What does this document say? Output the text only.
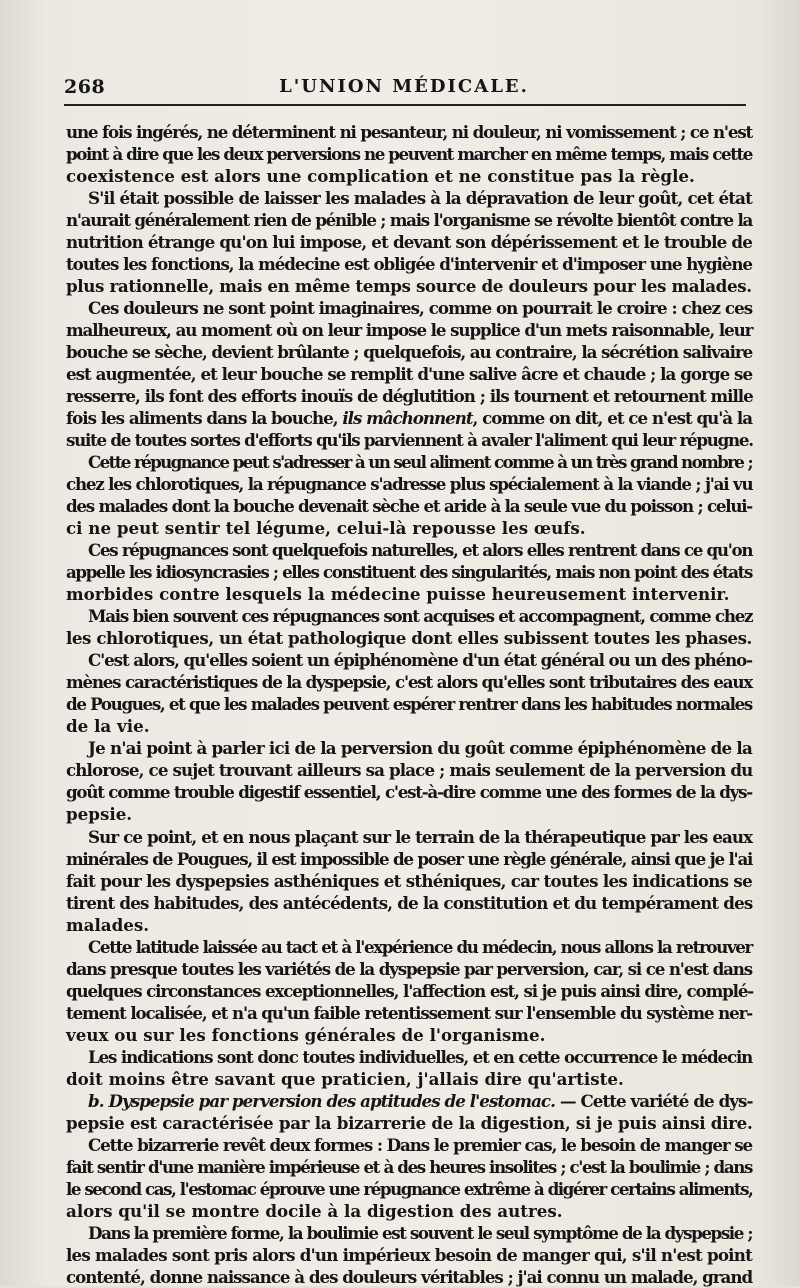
268	L'UNION MÉDICALE.
une fois ingérés, ne déterminent ni pesanteur, ni douleur, ni vomissement ; ce n'est
point à dire que les deux perversions ne peuvent marcher en même temps, mais cette
coexistence est alors une complication et ne constitue pas la règle.
S'il était possible de laisser les malades à la dépravation de leur goût, cet état
n'aurait généralement rien de pénible ; mais l'organisme se révolte bientôt contre la
nutrition étrange qu'on lui impose, et devant son dépérissement et le trouble de
toutes les fonctions, la médecine est obligée d'intervenir et d'imposer une hygiène
plus rationnelle, mais en même temps source de douleurs pour les malades.
Ces douleurs ne sont point imaginaires, comme on pourrait le croire : chez ces
malheureux, au moment où on leur impose le supplice d'un mets raisonnable, leur
bouche se sèche, devient brûlante ; quelquefois, au contraire, la sécrétion salivaire
est augmentée, et leur bouche se remplit d'une salive âcre et chaude ; la gorge se
resserre, ils font des efforts inouïs de déglutition ; ils tournent et retournent mille
fois les aliments dans la bouche, ils mâchonnent, comme on dit, et ce n'est qu'à la
suite de toutes sortes d'efforts qu'ils parviennent à avaler l'aliment qui leur répugne.
Cette répugnance peut s'adresser à un seul aliment comme à un très grand nombre ;
chez les chlorotiques, la répugnance s'adresse plus spécialement à la viande ; j'ai vu
des malades dont la bouche devenait sèche et aride à la seule vue du poisson ; celui-
ci ne peut sentir tel légume, celui-là repousse les œufs.
Ces répugnances sont quelquefois naturelles, et alors elles rentrent dans ce qu'on
appelle les idiosyncrasies ; elles constituent des singularités, mais non point des états
morbides contre lesquels la médecine puisse heureusement intervenir.
Mais bien souvent ces répugnances sont acquises et accompagnent, comme chez
les chlorotiques, un état pathologique dont elles subissent toutes les phases.
C'est alors, qu'elles soient un épiphénomène d'un état général ou un des phéno-
mènes caractéristiques de la dyspepsie, c'est alors qu'elles sont tributaires des eaux
de Pougues, et que les malades peuvent espérer rentrer dans les habitudes normales
de la vie.
Je n'ai point à parler ici de la perversion du goût comme épiphénomène de la
chlorose, ce sujet trouvant ailleurs sa place ; mais seulement de la perversion du
goût comme trouble digestif essentiel, c'est-à-dire comme une des formes de la dys-
pepsie.
Sur ce point, et en nous plaçant sur le terrain de la thérapeutique par les eaux
minérales de Pougues, il est impossible de poser une règle générale, ainsi que je l'ai
fait pour les dyspepsies asthéniques et sthéniques, car toutes les indications se
tirent des habitudes, des antécédents, de la constitution et du tempérament des
malades.
Cette latitude laissée au tact et à l'expérience du médecin, nous allons la retrouver
dans presque toutes les variétés de la dyspepsie par perversion, car, si ce n'est dans
quelques circonstances exceptionnelles, l'affection est, si je puis ainsi dire, complé-
tement localisée, et n'a qu'un faible retentissement sur l'ensemble du système ner-
veux ou sur les fonctions générales de l'organisme.
Les indications sont donc toutes individuelles, et en cette occurrence le médecin
doit moins être savant que praticien, j'allais dire qu'artiste.
b. Dyspepsie par perversion des aptitudes de l'estomac. — Cette variété de dys-
pepsie est caractérisée par la bizarrerie de la digestion, si je puis ainsi dire.
Cette bizarrerie revêt deux formes : Dans le premier cas, le besoin de manger se
fait sentir d'une manière impérieuse et à des heures insolites ; c'est la boulimie ; dans
le second cas, l'estomac éprouve une répugnance extrême à digérer certains aliments,
alors qu'il se montre docile à la digestion des autres.
Dans la première forme, la boulimie est souvent le seul symptôme de la dyspepsie ;
les malades sont pris alors d'un impérieux besoin de manger qui, s'il n'est point
contenté, donne naissance à des douleurs véritables ; j'ai connu un malade, grand
